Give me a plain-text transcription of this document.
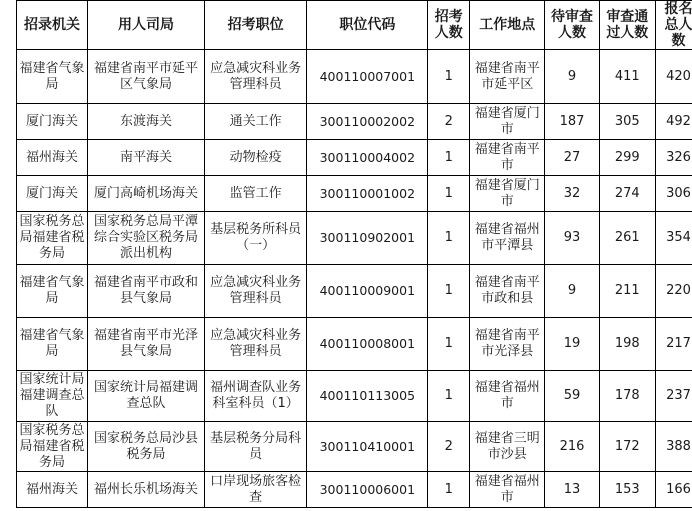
招录机关	用人司局	招考职位	职位代码	招考人数	工作地点	待审查人数	审查通过人数	报名总人数
福建省气象局	福建省南平市延平区气象局	应急减灾科业务管理科员	400110007001	1	福建省南平市延平区	9	411	420
厦门海关	东渡海关	通关工作	300110002002	2	福建省厦门市	187	305	492
福州海关	南平海关	动物检疫	300110004002	1	福建省南平市	27	299	326
厦门海关	厦门高崎机场海关	监管工作	300110001002	1	福建省厦门市	32	274	306
国家税务总局福建省税务局	国家税务总局平潭综合实验区税务局派出机构	基层税务所科员（一）	300110902001	1	福建省福州市平潭县	93	261	354
福建省气象局	福建省南平市政和县气象局	应急减灾科业务管理科员	400110009001	1	福建省南平市政和县	9	211	220
福建省气象局	福建省南平市光泽县气象局	应急减灾科业务管理科员	400110008001	1	福建省南平市光泽县	19	198	217
国家统计局福建调查总队	国家统计局福建调查总队	福州调查队业务科室科员（1）	400110113005	1	福建省福州市	59	178	237
国家税务总局福建省税务局	国家税务总局沙县税务局	基层税务分局科员	300110410001	2	福建省三明市沙县	216	172	388
福州海关	福州长乐机场海关	口岸现场旅客检查	300110006001	1	福建省福州市	13	153	166
